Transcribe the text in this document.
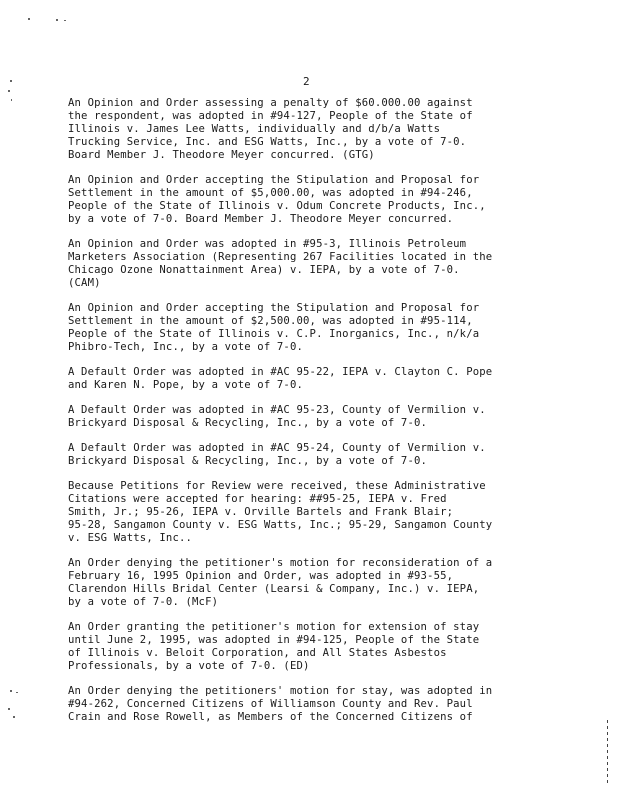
2

An Opinion and Order assessing a penalty of $60.000.00 against
the respondent, was adopted in #94-127, People of the State of
Illinois v. James Lee Watts, individually and d/b/a Watts
Trucking Service, Inc. and ESG Watts, Inc., by a vote of 7-0.
Board Member J. Theodore Meyer concurred. (GTG)

An Opinion and Order accepting the Stipulation and Proposal for
Settlement in the amount of $5,000.00, was adopted in #94-246,
People of the State of Illinois v. Odum Concrete Products, Inc.,
by a vote of 7-0. Board Member J. Theodore Meyer concurred.

An Opinion and Order was adopted in #95-3, Illinois Petroleum
Marketers Association (Representing 267 Facilities located in the
Chicago Ozone Nonattainment Area) v. IEPA, by a vote of 7-0.
(CAM)

An Opinion and Order accepting the Stipulation and Proposal for
Settlement in the amount of $2,500.00, was adopted in #95-114,
People of the State of Illinois v. C.P. Inorganics, Inc., n/k/a
Phibro-Tech, Inc., by a vote of 7-0.

A Default Order was adopted in #AC 95-22, IEPA v. Clayton C. Pope
and Karen N. Pope, by a vote of 7-0.

A Default Order was adopted in #AC 95-23, County of Vermilion v.
Brickyard Disposal & Recycling, Inc., by a vote of 7-0.

A Default Order was adopted in #AC 95-24, County of Vermilion v.
Brickyard Disposal & Recycling, Inc., by a vote of 7-0.

Because Petitions for Review were received, these Administrative
Citations were accepted for hearing: ##95-25, IEPA v. Fred
Smith, Jr.; 95-26, IEPA v. Orville Bartels and Frank Blair;
95-28, Sangamon County v. ESG Watts, Inc.; 95-29, Sangamon County
v. ESG Watts, Inc..

An Order denying the petitioner's motion for reconsideration of a
February 16, 1995 Opinion and Order, was adopted in #93-55,
Clarendon Hills Bridal Center (Learsi & Company, Inc.) v. IEPA,
by a vote of 7-0. (McF)

An Order granting the petitioner's motion for extension of stay
until June 2, 1995, was adopted in #94-125, People of the State
of Illinois v. Beloit Corporation, and All States Asbestos
Professionals, by a vote of 7-0. (ED)

An Order denying the petitioners' motion for stay, was adopted in
#94-262, Concerned Citizens of Williamson County and Rev. Paul
Crain and Rose Rowell, as Members of the Concerned Citizens of
